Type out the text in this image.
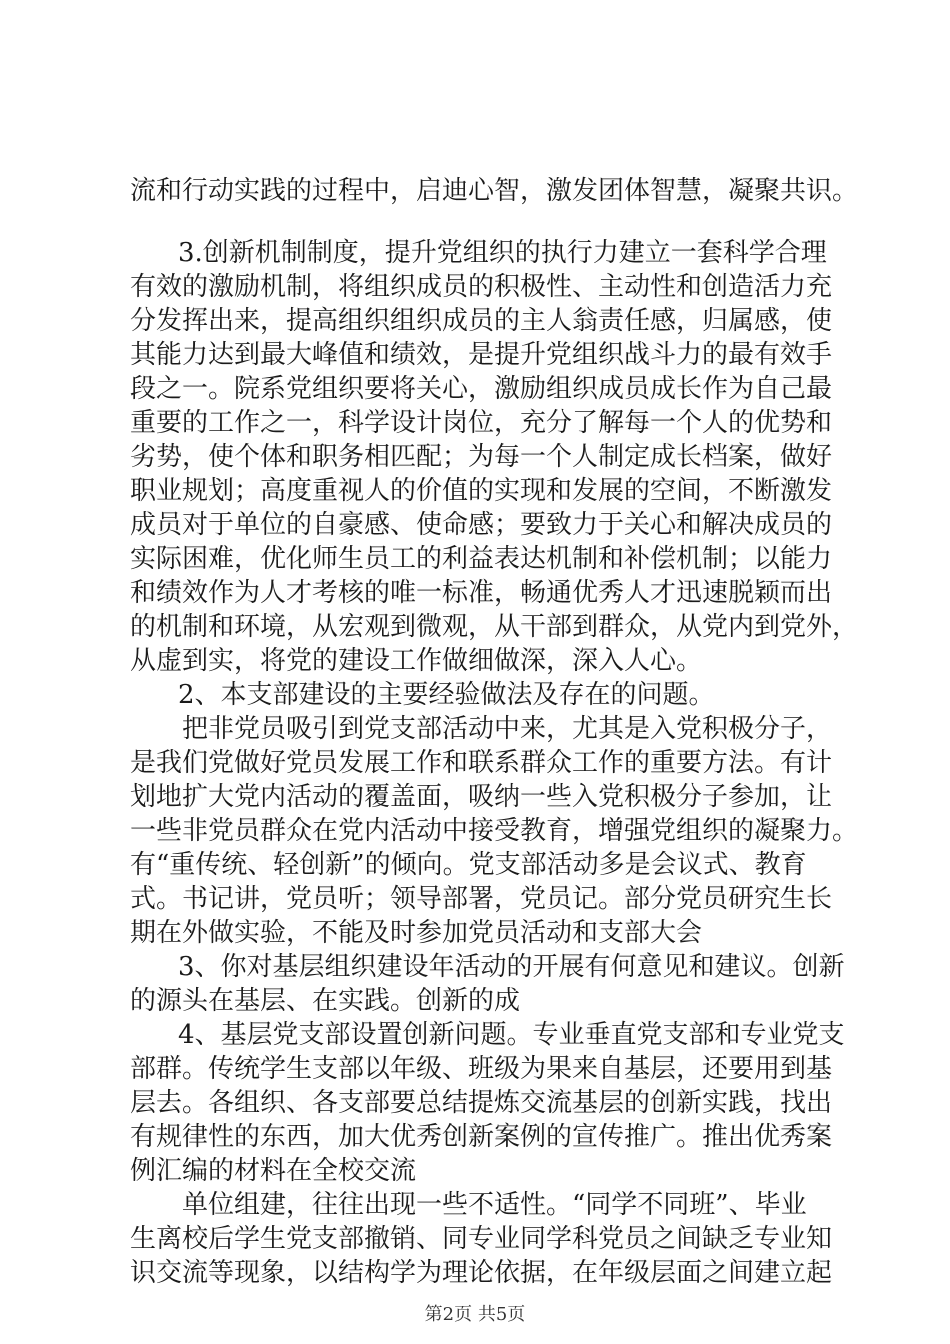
流和行动实践的过程中，启迪心智，激发团体智慧，凝聚共识。
3.创新机制制度，提升党组织的执行力建立一套科学合理
有效的激励机制，将组织成员的积极性、主动性和创造活力充
分发挥出来，提高组织组织成员的主人翁责任感，归属感，使
其能力达到最大峰值和绩效，是提升党组织战斗力的最有效手
段之一。院系党组织要将关心，激励组织成员成长作为自己最
重要的工作之一，科学设计岗位，充分了解每一个人的优势和
劣势，使个体和职务相匹配；为每一个人制定成长档案，做好
职业规划；高度重视人的价值的实现和发展的空间，不断激发
成员对于单位的自豪感、使命感；要致力于关心和解决成员的
实际困难，优化师生员工的利益表达机制和补偿机制；以能力
和绩效作为人才考核的唯一标准，畅通优秀人才迅速脱颖而出
的机制和环境，从宏观到微观，从干部到群众，从党内到党外，
从虚到实，将党的建设工作做细做深，深入人心。
2、本支部建设的主要经验做法及存在的问题。
把非党员吸引到党支部活动中来，尤其是入党积极分子，
是我们党做好党员发展工作和联系群众工作的重要方法。有计
划地扩大党内活动的覆盖面，吸纳一些入党积极分子参加，让
一些非党员群众在党内活动中接受教育，增强党组织的凝聚力。
有“重传统、轻创新”的倾向。党支部活动多是会议式、教育
式。书记讲，党员听；领导部署，党员记。部分党员研究生长
期在外做实验，不能及时参加党员活动和支部大会
3、你对基层组织建设年活动的开展有何意见和建议。创新
的源头在基层、在实践。创新的成
4、基层党支部设置创新问题。专业垂直党支部和专业党支
部群。传统学生支部以年级、班级为果来自基层，还要用到基
层去。各组织、各支部要总结提炼交流基层的创新实践，找出
有规律性的东西，加大优秀创新案例的宣传推广。推出优秀案
例汇编的材料在全校交流
单位组建，往往出现一些不适性。“同学不同班”、毕业
生离校后学生党支部撤销、同专业同学科党员之间缺乏专业知
识交流等现象，以结构学为理论依据，在年级层面之间建立起
第2页 共5页
